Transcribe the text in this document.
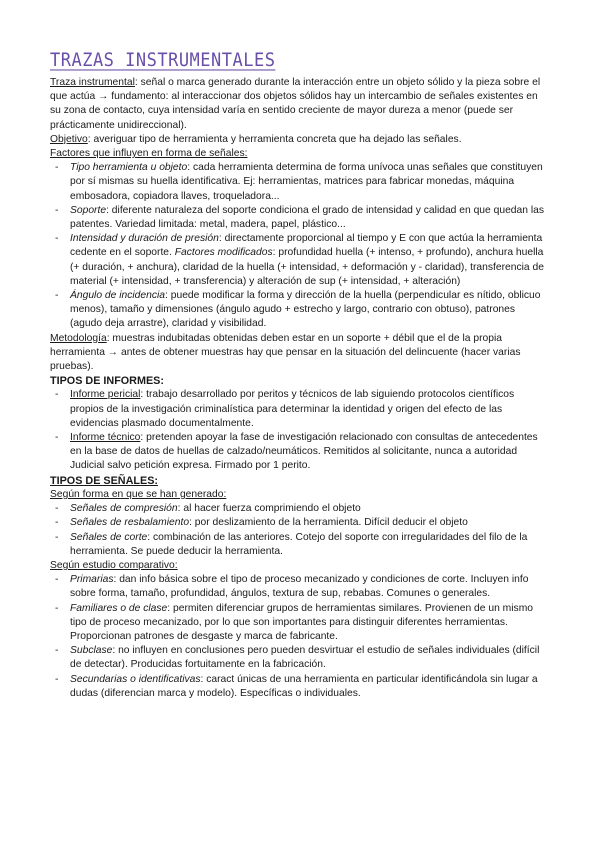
TRAZAS INSTRUMENTALES

Traza instrumental: señal o marca generado durante la interacción entre un objeto sólido y la pieza sobre el que actúa → fundamento: al interaccionar dos objetos sólidos hay un intercambio de señales existentes en su zona de contacto, cuya intensidad varía en sentido creciente de mayor dureza a menor (puede ser prácticamente unidireccional).

Objetivo: averiguar tipo de herramienta y herramienta concreta que ha dejado las señales.

Factores que influyen en forma de señales:

- Tipo herramienta u objeto: cada herramienta determina de forma unívoca unas señales que constituyen por sí mismas su huella identificativa. Ej: herramientas, matrices para fabricar monedas, máquina embosadora, copiadora llaves, troqueladora...
- Soporte: diferente naturaleza del soporte condiciona el grado de intensidad y calidad en que quedan las patentes. Variedad limitada: metal, madera, papel, plástico...
- Intensidad y duración de presión: directamente proporcional al tiempo y E con que actúa la herramienta cedente en el soporte. Factores modificados: profundidad huella (+ intenso, + profundo), anchura huella (+ duración, + anchura), claridad de la huella (+ intensidad, + deformación y - claridad), transferencia de material (+ intensidad, + transferencia) y alteración de sup (+ intensidad, + alteración)
- Ángulo de incidencia: puede modificar la forma y dirección de la huella (perpendicular es nítido, oblicuo menos), tamaño y dimensiones (ángulo agudo + estrecho y largo, contrario con obtuso), patrones (agudo deja arrastre), claridad y visibilidad.

Metodología: muestras indubitadas obtenidas deben estar en un soporte + débil que el de la propia herramienta → antes de obtener muestras hay que pensar en la situación del delincuente (hacer varias pruebas).

TIPOS DE INFORMES:

- Informe pericial: trabajo desarrollado por peritos y técnicos de lab siguiendo protocolos científicos propios de la investigación criminalística para determinar la identidad y origen del efecto de las evidencias plasmado documentalmente.
- Informe técnico: pretenden apoyar la fase de investigación relacionado con consultas de antecedentes en la base de datos de huellas de calzado/neumáticos. Remitidos al solicitante, nunca a autoridad Judicial salvo petición expresa. Firmado por 1 perito.

TIPOS DE SEÑALES:

Según forma en que se han generado:

- Señales de compresión: al hacer fuerza comprimiendo el objeto
- Señales de resbalamiento: por deslizamiento de la herramienta. Difícil deducir el objeto
- Señales de corte: combinación de las anteriores. Cotejo del soporte con irregularidades del filo de la herramienta. Se puede deducir la herramienta.

Según estudio comparativo:

- Primarias: dan info básica sobre el tipo de proceso mecanizado y condiciones de corte. Incluyen info sobre forma, tamaño, profundidad, ángulos, textura de sup, rebabas. Comunes o generales.
- Familiares o de clase: permiten diferenciar grupos de herramientas similares. Provienen de un mismo tipo de proceso mecanizado, por lo que son importantes para distinguir diferentes herramientas. Proporcionan patrones de desgaste y marca de fabricante.
- Subclase: no influyen en conclusiones pero pueden desvirtuar el estudio de señales individuales (difícil de detectar). Producidas fortuitamente en la fabricación.
- Secundarias o identificativas: caract únicas de una herramienta en particular identificándola sin lugar a dudas (diferencian marca y modelo). Específicas o individuales.
